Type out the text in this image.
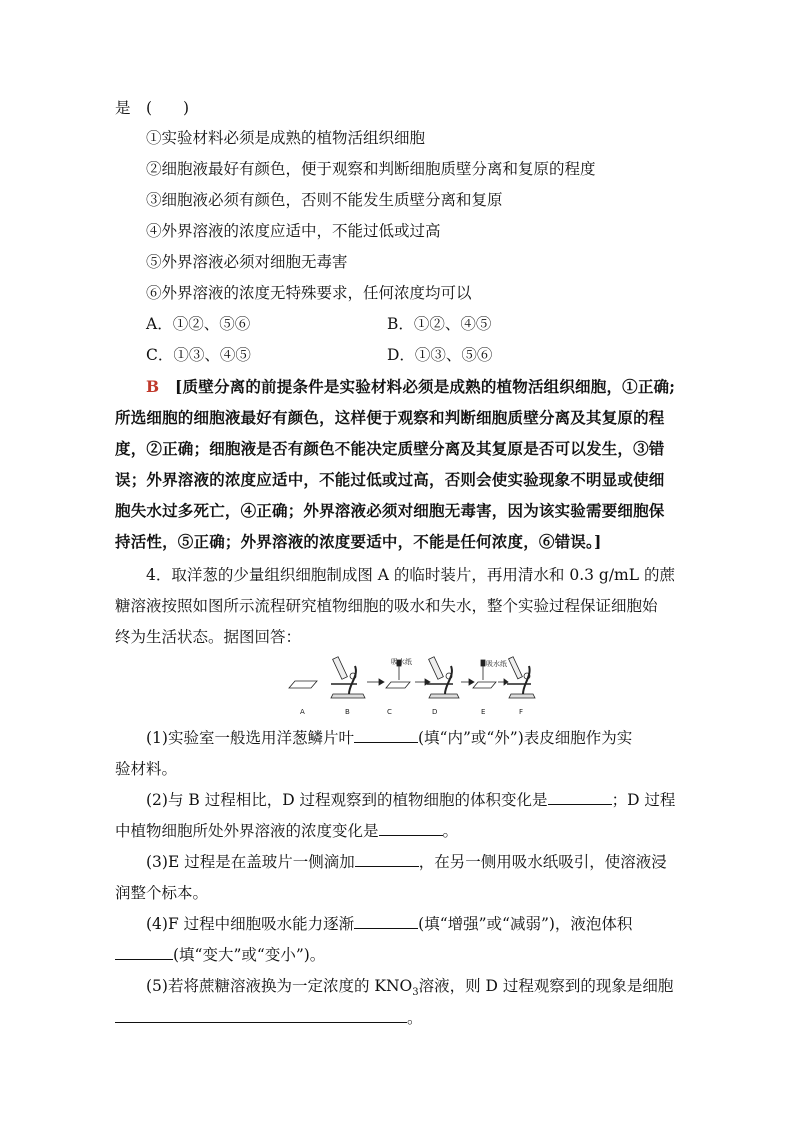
是　(　　)
①实验材料必须是成熟的植物活组织细胞
②细胞液最好有颜色，便于观察和判断细胞质壁分离和复原的程度
③细胞液必须有颜色，否则不能发生质壁分离和复原
④外界溶液的浓度应适中，不能过低或过高
⑤外界溶液必须对细胞无毒害
⑥外界溶液的浓度无特殊要求，任何浓度均可以
A．①②、⑤⑥	B．①②、④⑤
C．①③、④⑤	D．①③、⑤⑥
B　 [质壁分离的前提条件是实验材料必须是成熟的植物活组织细胞，①正确;
所选细胞的细胞液最好有颜色，这样便于观察和判断细胞质壁分离及其复原的程
度，②正确；细胞液是否有颜色不能决定质壁分离及其复原是否可以发生，③错
误；外界溶液的浓度应适中，不能过低或过高，否则会使实验现象不明显或使细
胞失水过多死亡，④正确；外界溶液必须对细胞无毒害，因为该实验需要细胞保
持活性，⑤正确；外界溶液的浓度要适中，不能是任何浓度，⑥错误。]
4．取洋葱的少量组织细胞制成图 A 的临时装片，再用清水和 0.3 g/mL 的蔗
糖溶液按照如图所示流程研究植物细胞的吸水和失水，整个实验过程保证细胞始
终为生活状态。据图回答：
吸水纸	吸水纸
A	B	C	D	E	F
(1)实验室一般选用洋葱鳞片叶	(填“内”或“外”)表皮细胞作为实
验材料。
(2)与 B 过程相比，D 过程观察到的植物细胞的体积变化是	；D 过程
中植物细胞所处外界溶液的浓度变化是	。
(3)E 过程是在盖玻片一侧滴加	，在另一侧用吸水纸吸引，使溶液浸
润整个标本。
(4)F 过程中细胞吸水能力逐渐	(填“增强”或“减弱”)，液泡体积
(填“变大”或“变小”)。
(5)若将蔗糖溶液换为一定浓度的 $KNO_3$溶液，则 D 过程观察到的现象是细胞
。
